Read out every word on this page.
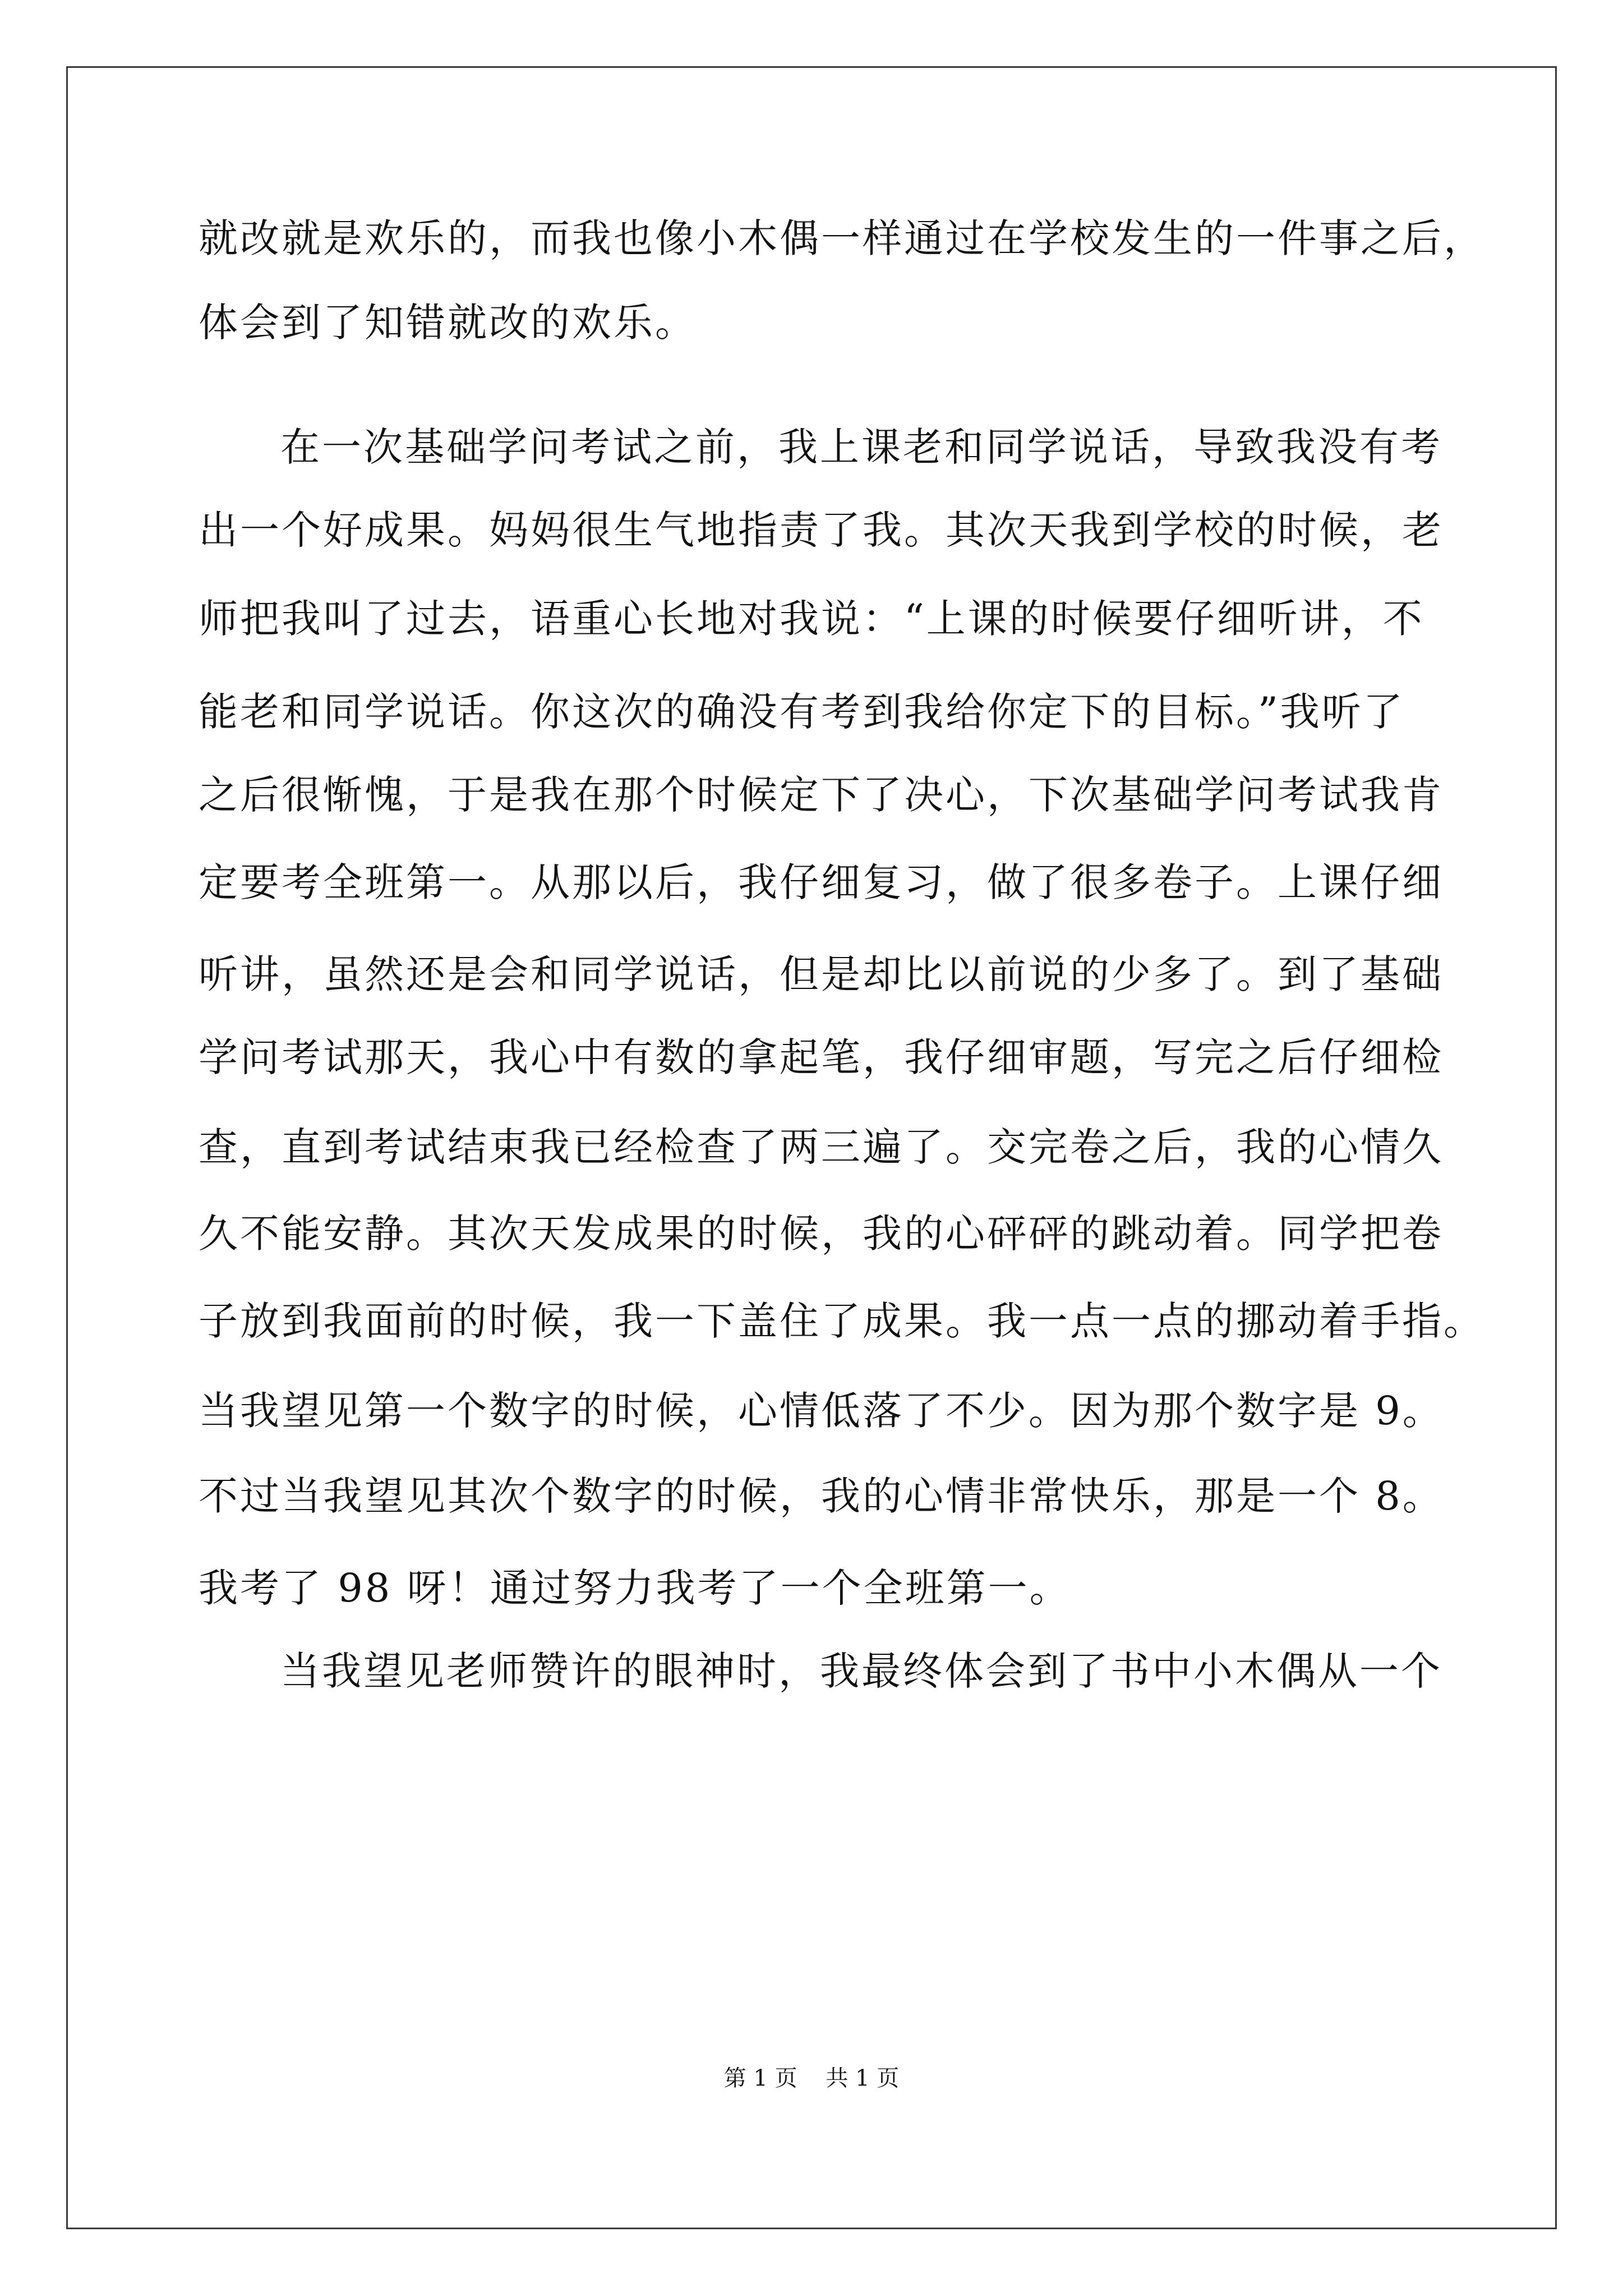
就改就是欢乐的，而我也像小木偶一样通过在学校发生的一件事之后，
体会到了知错就改的欢乐。
在一次基础学问考试之前，我上课老和同学说话，导致我没有考
出一个好成果。妈妈很生气地指责了我。其次天我到学校的时候，老
师把我叫了过去，语重心长地对我说：“上课的时候要仔细听讲，不
能老和同学说话。你这次的确没有考到我给你定下的目标。”我听了
之后很惭愧，于是我在那个时候定下了决心，下次基础学问考试我肯
定要考全班第一。从那以后，我仔细复习，做了很多卷子。上课仔细
听讲，虽然还是会和同学说话，但是却比以前说的少多了。到了基础
学问考试那天，我心中有数的拿起笔，我仔细审题，写完之后仔细检
查，直到考试结束我已经检查了两三遍了。交完卷之后，我的心情久
久不能安静。其次天发成果的时候，我的心砰砰的跳动着。同学把卷
子放到我面前的时候，我一下盖住了成果。我一点一点的挪动着手指。
当我望见第一个数字的时候，心情低落了不少。因为那个数字是 9。
不过当我望见其次个数字的时候，我的心情非常快乐，那是一个 8。
我考了 98 呀！通过努力我考了一个全班第一。
当我望见老师赞许的眼神时，我最终体会到了书中小木偶从一个
第 1 页    共 1 页
